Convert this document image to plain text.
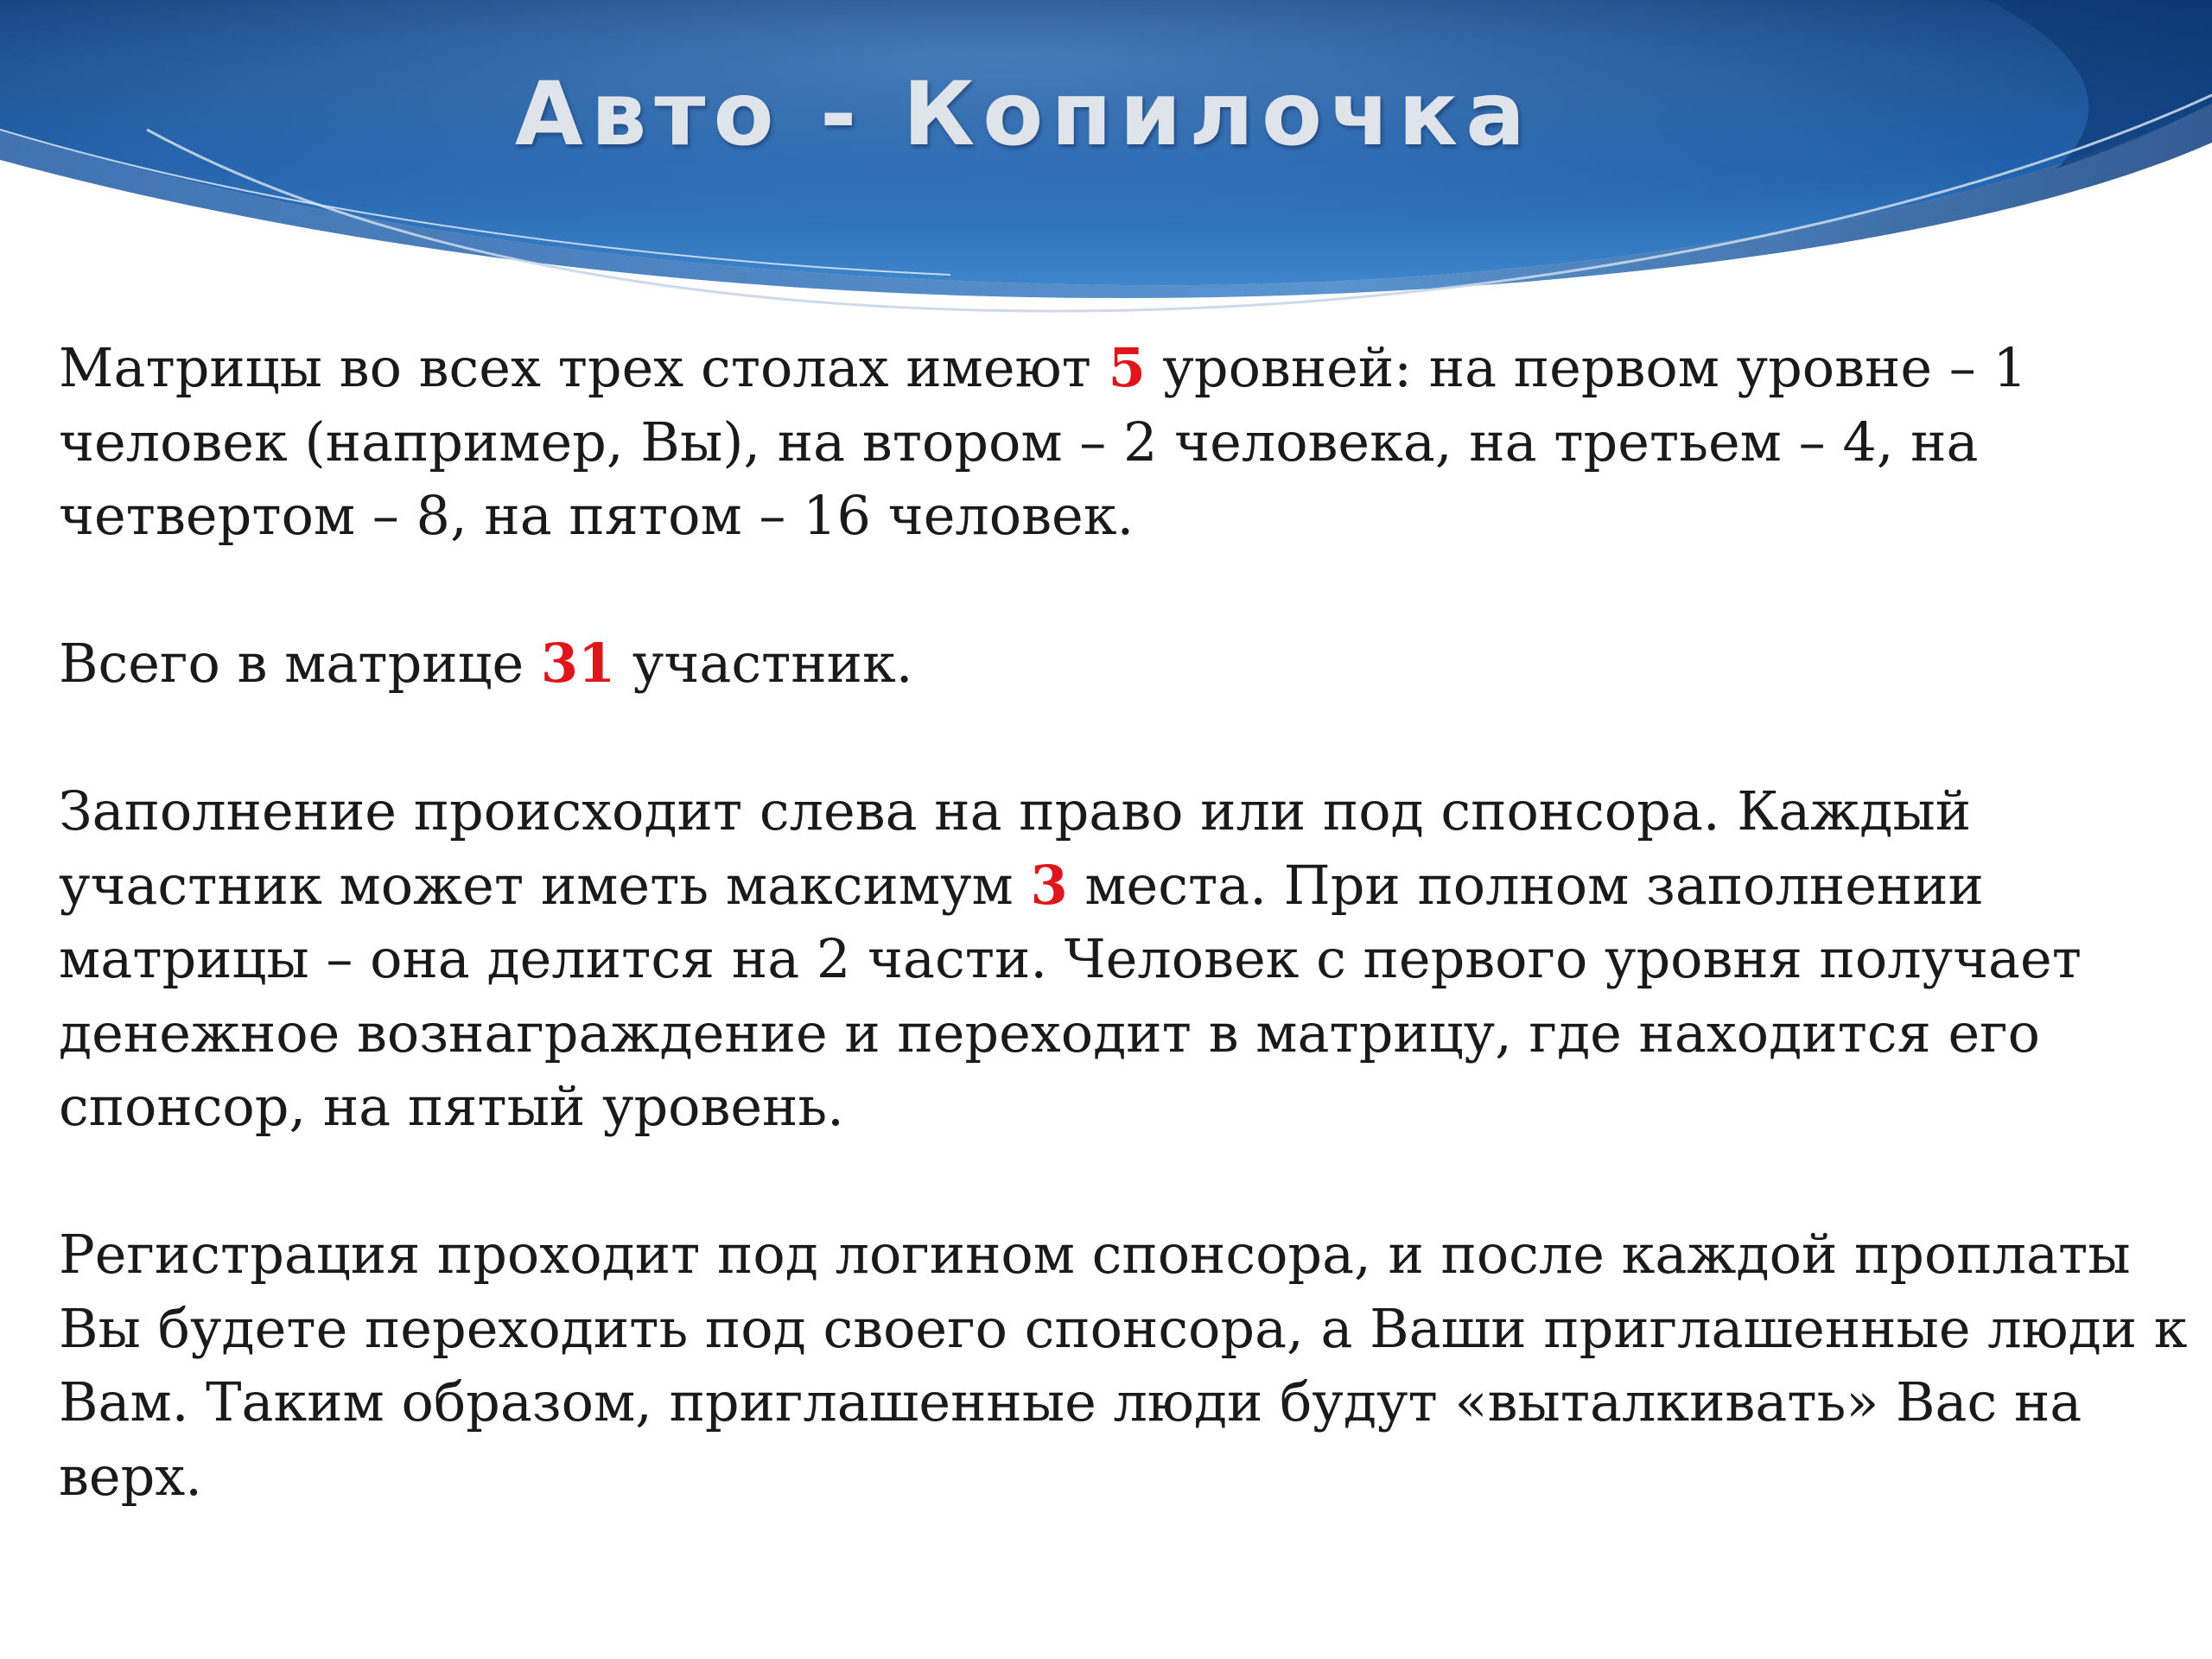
Авто - Копилочка

Матрицы во всех трех столах имеют 5 уровней: на первом уровне – 1
человек (например, Вы), на втором – 2 человека, на третьем – 4, на
четвертом – 8, на пятом – 16 человек.

Всего в матрице 31 участник.

Заполнение происходит слева на право или под спонсора. Каждый
участник может иметь максимум 3 места. При полном заполнении
матрицы – она делится на 2 части. Человек с первого уровня получает
денежное вознаграждение и переходит в матрицу, где находится его
спонсор, на пятый уровень.

Регистрация проходит под логином спонсора, и после каждой проплаты
Вы будете переходить под своего спонсора, а Ваши приглашенные люди к
Вам. Таким образом, приглашенные люди будут «выталкивать» Вас на
верх.
